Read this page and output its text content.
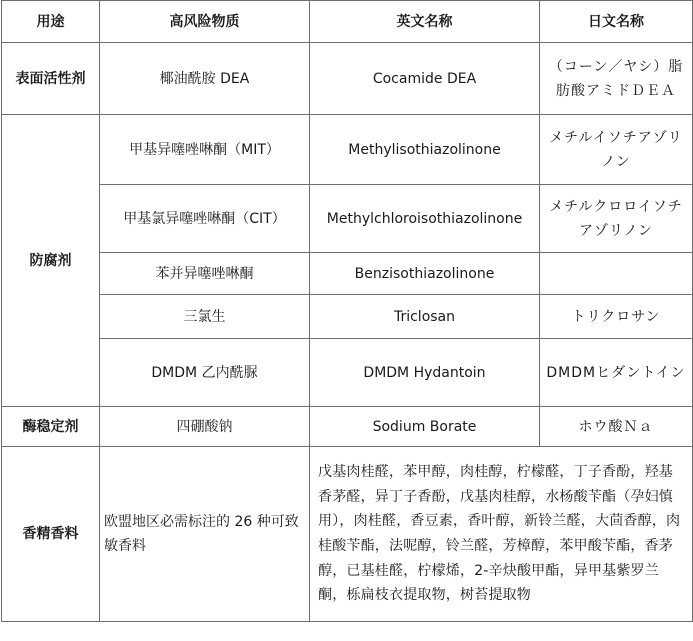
用途	高风险物质	英文名称	日文名称
表面活性剂	椰油酰胺 DEA	Cocamide DEA	（コーン／ヤシ）脂肪酸アミドＤＥＡ
防腐剂	甲基异噻唑啉酮（MIT）	Methylisothiazolinone	メチルイソチアゾリノン
	甲基氯异噻唑啉酮（CIT）	Methylchloroisothiazolinone	メチルクロロイソチアゾリノン
	苯并异噻唑啉酮	Benzisothiazolinone	
	三氯生	Triclosan	トリクロサン
	DMDM 乙内酰脲	DMDM Hydantoin	DMDMヒダントイン
酶稳定剂	四硼酸钠	Sodium Borate	ホウ酸Ｎａ
香精香料	欧盟地区必需标注的 26 种可致敏香料	戊基肉桂醛，苯甲醇，肉桂醇，柠檬醛，丁子香酚，羟基香茅醛，异丁子香酚，戊基肉桂醇，水杨酸苄酯（孕妇慎用），肉桂醛，香豆素，香叶醇，新铃兰醛，大茴香醇，肉桂酸苄酯，法呢醇，铃兰醛，芳樟醇，苯甲酸苄酯，香茅醇，已基桂醛，柠檬烯，2-辛炔酸甲酯，异甲基紫罗兰酮，栎扁枝衣提取物，树苔提取物	
